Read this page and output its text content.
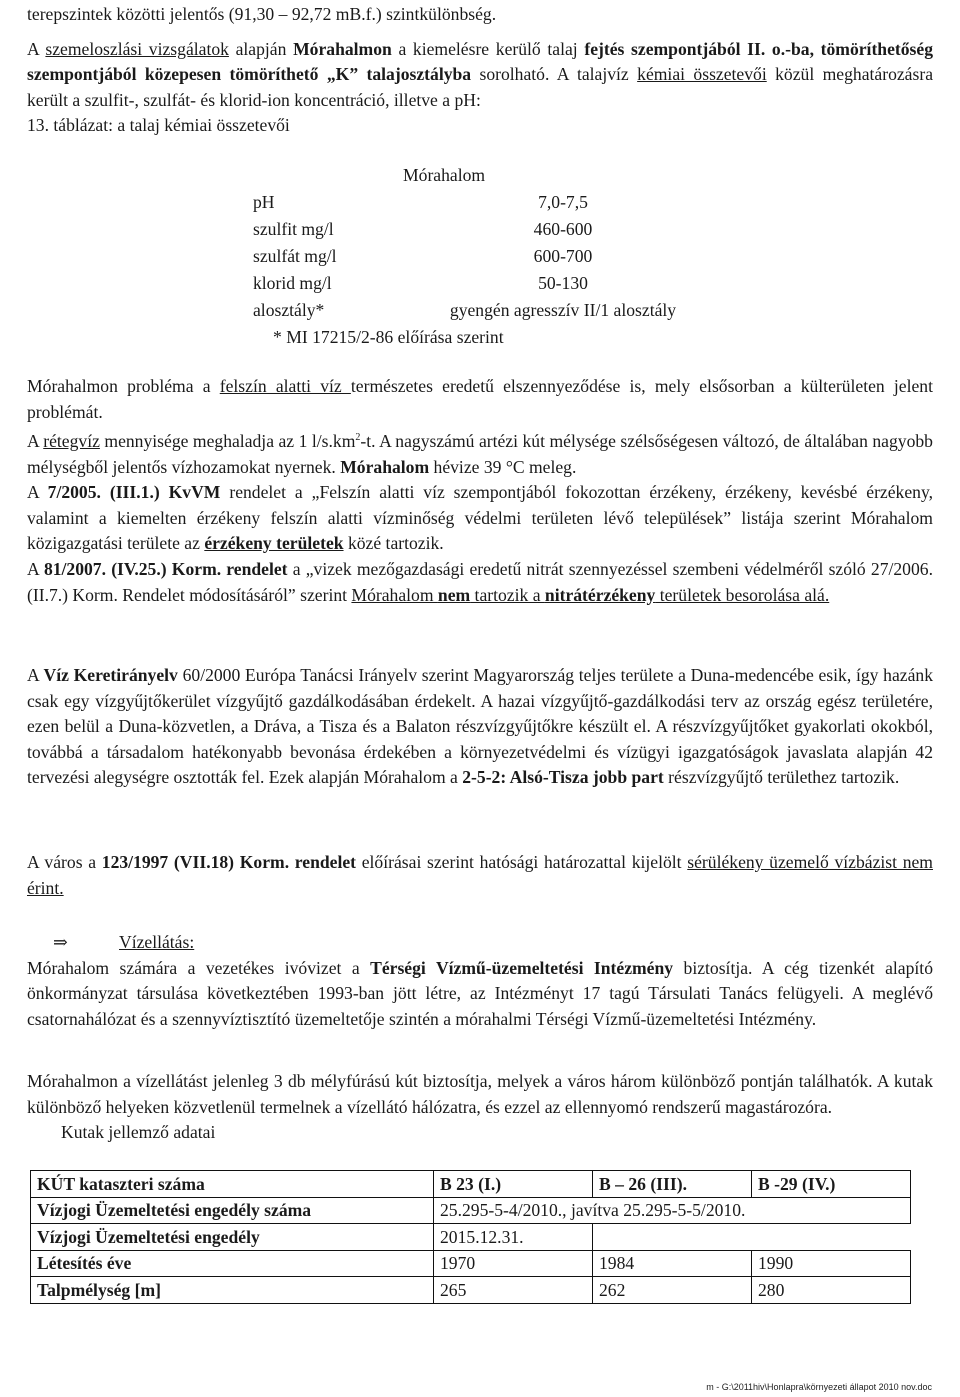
terepszintek közötti jelentős (91,30 – 92,72 mB.f.) szintkülönbség.

A szemeloszlási vizsgálatok alapján Mórahalmon a kiemelésre kerülő talaj fejtés szempontjából II. o.-ba, tömöríthetőség szempontjából közepesen tömöríthető „K” talajosztályba sorolható. A talajvíz kémiai összetevői közül meghatározásra került a szulfit-, szulfát- és klorid-ion koncentráció, illetve a pH:

13. táblázat: a talaj kémiai összetevői

Mórahalom
pH	7,0-7,5
szulfit mg/l	460-600
szulfát mg/l	600-700
klorid mg/l	50-130
alosztály*	gyengén agresszív II/1 alosztály
* MI 17215/2-86 előírása szerint

Mórahalmon probléma a felszín alatti víz természetes eredetű elszennyeződése is, mely elsősorban a külterületen jelent problémát.

A rétegvíz mennyisége meghaladja az 1 $l/s.km^2-t$. A nagyszámú artézi kút mélysége szélsőségesen változó, de általában nagyobb mélységből jelentős vízhozamokat nyernek. Mórahalom hévize 39 °C meleg.

A 7/2005. (III.1.) KvVM rendelet a „Felszín alatti víz szempontjából fokozottan érzékeny, érzékeny, kevésbé érzékeny, valamint a kiemelten érzékeny felszín alatti vízminőség védelmi területen lévő települések” listája szerint Mórahalom közigazgatási területe az érzékeny területek közé tartozik.

A 81/2007. (IV.25.) Korm. rendelet a „vizek mezőgazdasági eredetű nitrát szennyezéssel szembeni védelméről szóló 27/2006. (II.7.) Korm. Rendelet módosításáról” szerint Mórahalom nem tartozik a nitrátérzékeny területek besorolása alá.

A Víz Keretirányelv 60/2000 Európa Tanácsi Irányelv szerint Magyarország teljes területe a Duna-medencébe esik, így hazánk csak egy vízgyűjtőkerület vízgyűjtő gazdálkodásában érdekelt. A hazai vízgyűjtő-gazdálkodási terv az ország egész területére, ezen belül a Duna-közvetlen, a Dráva, a Tisza és a Balaton részvízgyűjtőkre készült el. A részvízgyűjtőket gyakorlati okokból, továbbá a társadalom hatékonyabb bevonása érdekében a környezetvédelmi és vízügyi igazgatóságok javaslata alapján 42 tervezési alegységre osztották fel. Ezek alapján Mórahalom a 2-5-2: Alsó-Tisza jobb part részvízgyűjtő területhez tartozik.

A város a 123/1997 (VII.18) Korm. rendelet előírásai szerint hatósági határozattal kijelölt sérülékeny üzemelő vízbázist nem érint.

⇒	Vízellátás:

Mórahalom számára a vezetékes ivóvizet a Térségi Vízmű-üzemeltetési Intézmény biztosítja. A cég tizenkét alapító önkormányzat társulása következtében 1993-ban jött létre, az Intézményt 17 tagú Társulati Tanács felügyeli. A meglévő csatornahálózat és a szennyvíztisztító üzemeltetője szintén a mórahalmi Térségi Vízmű-üzemeltetési Intézmény.

Mórahalmon a vízellátást jelenleg 3 db mélyfúrású kút biztosítja, melyek a város három különböző pontján találhatók. A kutak különböző helyeken közvetlenül termelnek a vízellátó hálózatra, és ezzel az ellennyomó rendszerű magastározóra.

Kutak jellemző adatai

KÚT kataszteri száma	B 23 (I.)	B – 26 (III).	B -29 (IV.)
Vízjogi Üzemeltetési engedély száma	25.295-5-4/2010., javítva 25.295-5-5/2010.		
Vízjogi Üzemeltetési engedély	2015.12.31.		
Létesítés éve	1970	1984	1990
Talpmélység [m]	265	262	280
m - G:\2011hiv\Honlapra\környezeti állapot 2010 nov.doc
